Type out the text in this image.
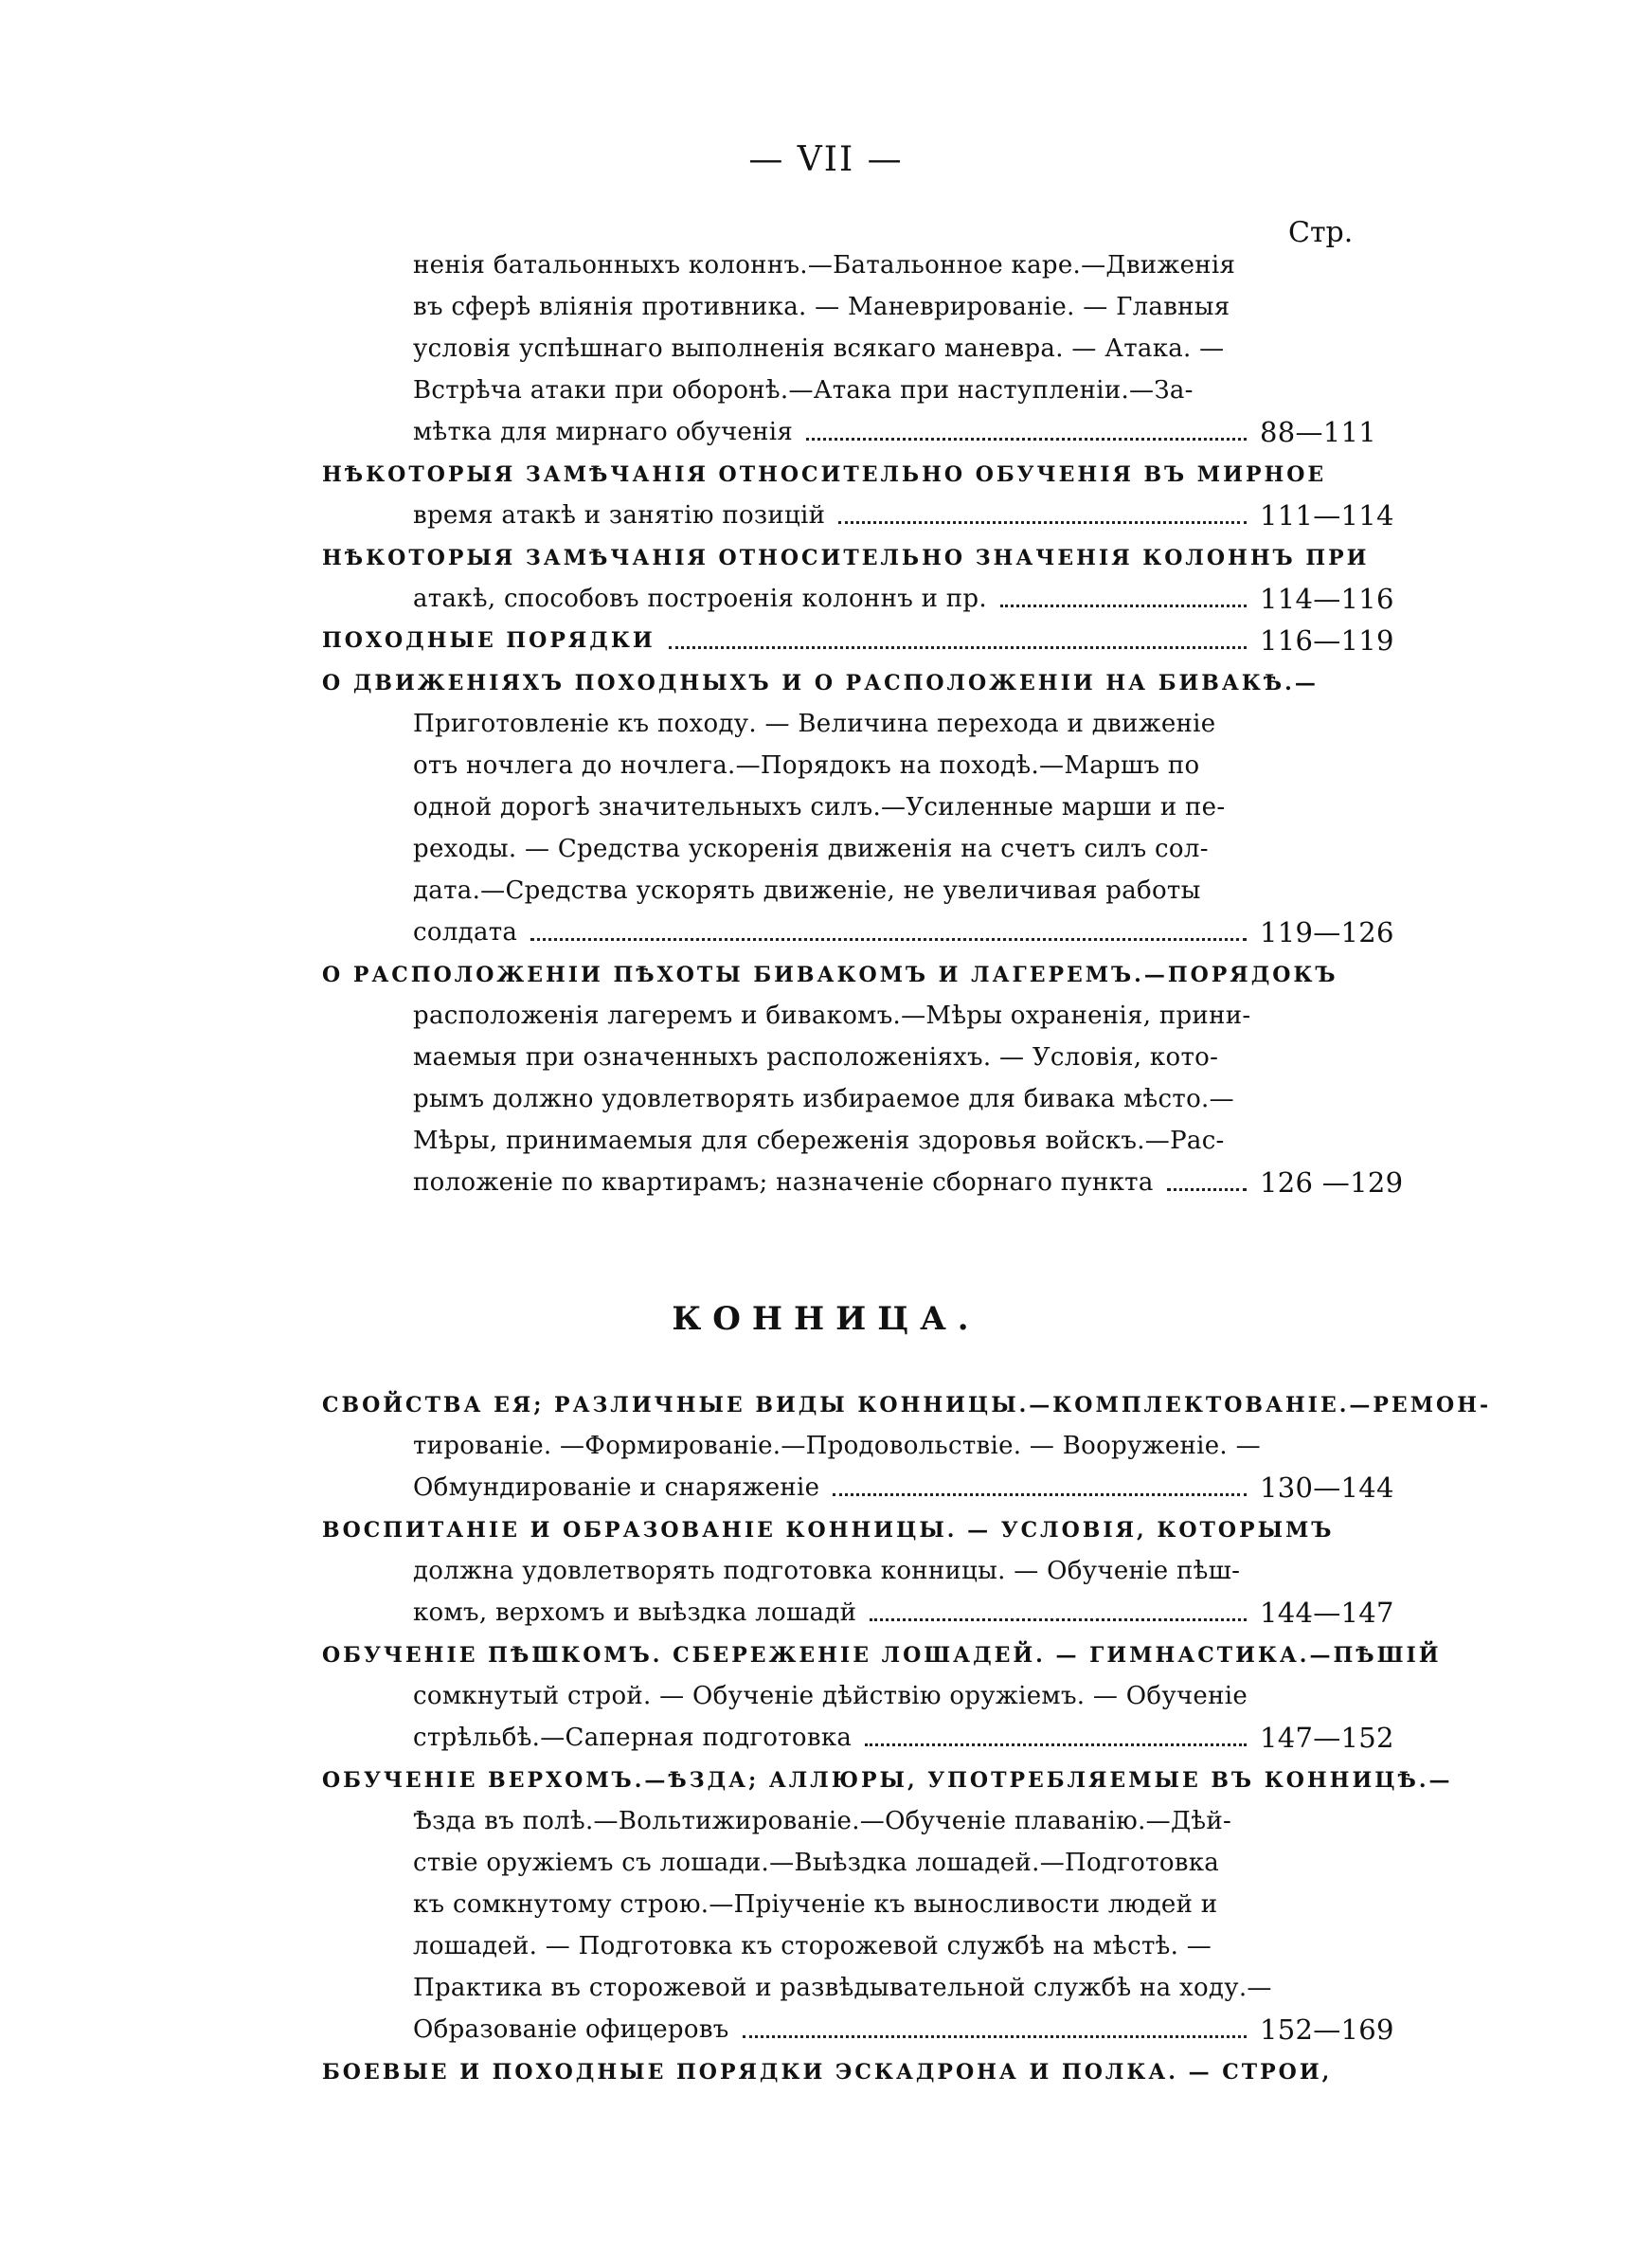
— VII —
Стр.
ненія батальонныхъ колоннъ.—Батальонное каре.—Движенія
въ сферѣ вліянія противника. — Маневрированіе. — Главныя
условія успѣшнаго выполненія всякаго маневра. — Атака. —
Встрѣча атаки при оборонѣ.—Атака при наступленіи.—За-
мѣтка для мирнаго обученія	88—111
НѢКОТОРЫЯ ЗАМѢЧАНІЯ ОТНОСИТЕЛЬНО ОБУЧЕНІЯ ВЪ МИРНОЕ
время атакѣ и занятію позицій	111—114
НѢКОТОРЫЯ ЗАМѢЧАНІЯ ОТНОСИТЕЛЬНО ЗНАЧЕНІЯ КОЛОННЪ ПРИ
атакѣ, способовъ построенія колоннъ и пр.	114—116
ПОХОДНЫЕ ПОРЯДКИ	116—119
О ДВИЖЕНІЯХЪ ПОХОДНЫХЪ И О РАСПОЛОЖЕНІИ НА БИВАКѢ.—
Приготовленіе къ походу. — Величина перехода и движеніе
отъ ночлега до ночлега.—Порядокъ на походѣ.—Маршъ по
одной дорогѣ значительныхъ силъ.—Усиленные марши и пе-
реходы. — Средства ускоренія движенія на счетъ силъ сол-
дата.—Средства ускорять движеніе, не увеличивая работы
солдата	119—126
О РАСПОЛОЖЕНІИ ПѢХОТЫ БИВАКОМЪ И ЛАГЕРЕМЪ.—ПОРЯДОКЪ
расположенія лагеремъ и бивакомъ.—Мѣры охраненія, прини-
маемыя при означенныхъ расположеніяхъ. — Условія, кото-
рымъ должно удовлетворять избираемое для бивака мѣсто.—
Мѣры, принимаемыя для сбереженія здоровья войскъ.—Рас-
положеніе по квартирамъ; назначеніе сборнаго пункта	126 —129
КОННИЦА.
СВОЙСТВА ЕЯ; РАЗЛИЧНЫЕ ВИДЫ КОННИЦЫ.—КОМПЛЕКТОВАНІЕ.—РЕМОН-
тированіе. —Формированіе.—Продовольствіе. — Вооруженіе. —
Обмундированіе и снаряженіе	130—144
ВОСПИТАНІЕ И ОБРАЗОВАНІЕ КОННИЦЫ. — УСЛОВІЯ, КОТОРЫМЪ
должна удовлетворять подготовка конницы. — Обученіе пѣш-
комъ, верхомъ и выѣздка лошадй	144—147
ОБУЧЕНІЕ ПѢШКОМЪ. СБЕРЕЖЕНІЕ ЛОШАДЕЙ. — ГИМНАСТИКА.—ПѢШІЙ
сомкнутый строй. — Обученіе дѣйствію оружіемъ. — Обученіе
стрѣльбѣ.—Саперная подготовка	147—152
ОБУЧЕНІЕ ВЕРХОМЪ.—ѢЗДА; АЛЛЮРЫ, УПОТРЕБЛЯЕМЫЕ ВЪ КОННИЦѢ.—
Ѣзда въ полѣ.—Вольтижированіе.—Обученіе плаванію.—Дѣй-
ствіе оружіемъ съ лошади.—Выѣздка лошадей.—Подготовка
къ сомкнутому строю.—Пріученіе къ выносливости людей и
лошадей. — Подготовка къ сторожевой службѣ на мѣстѣ. —
Практика въ сторожевой и развѣдывательной службѣ на ходу.—
Образованіе офицеровъ	152—169
БОЕВЫЕ И ПОХОДНЫЕ ПОРЯДКИ ЭСКАДРОНА И ПОЛКА. — СТРОИ,
